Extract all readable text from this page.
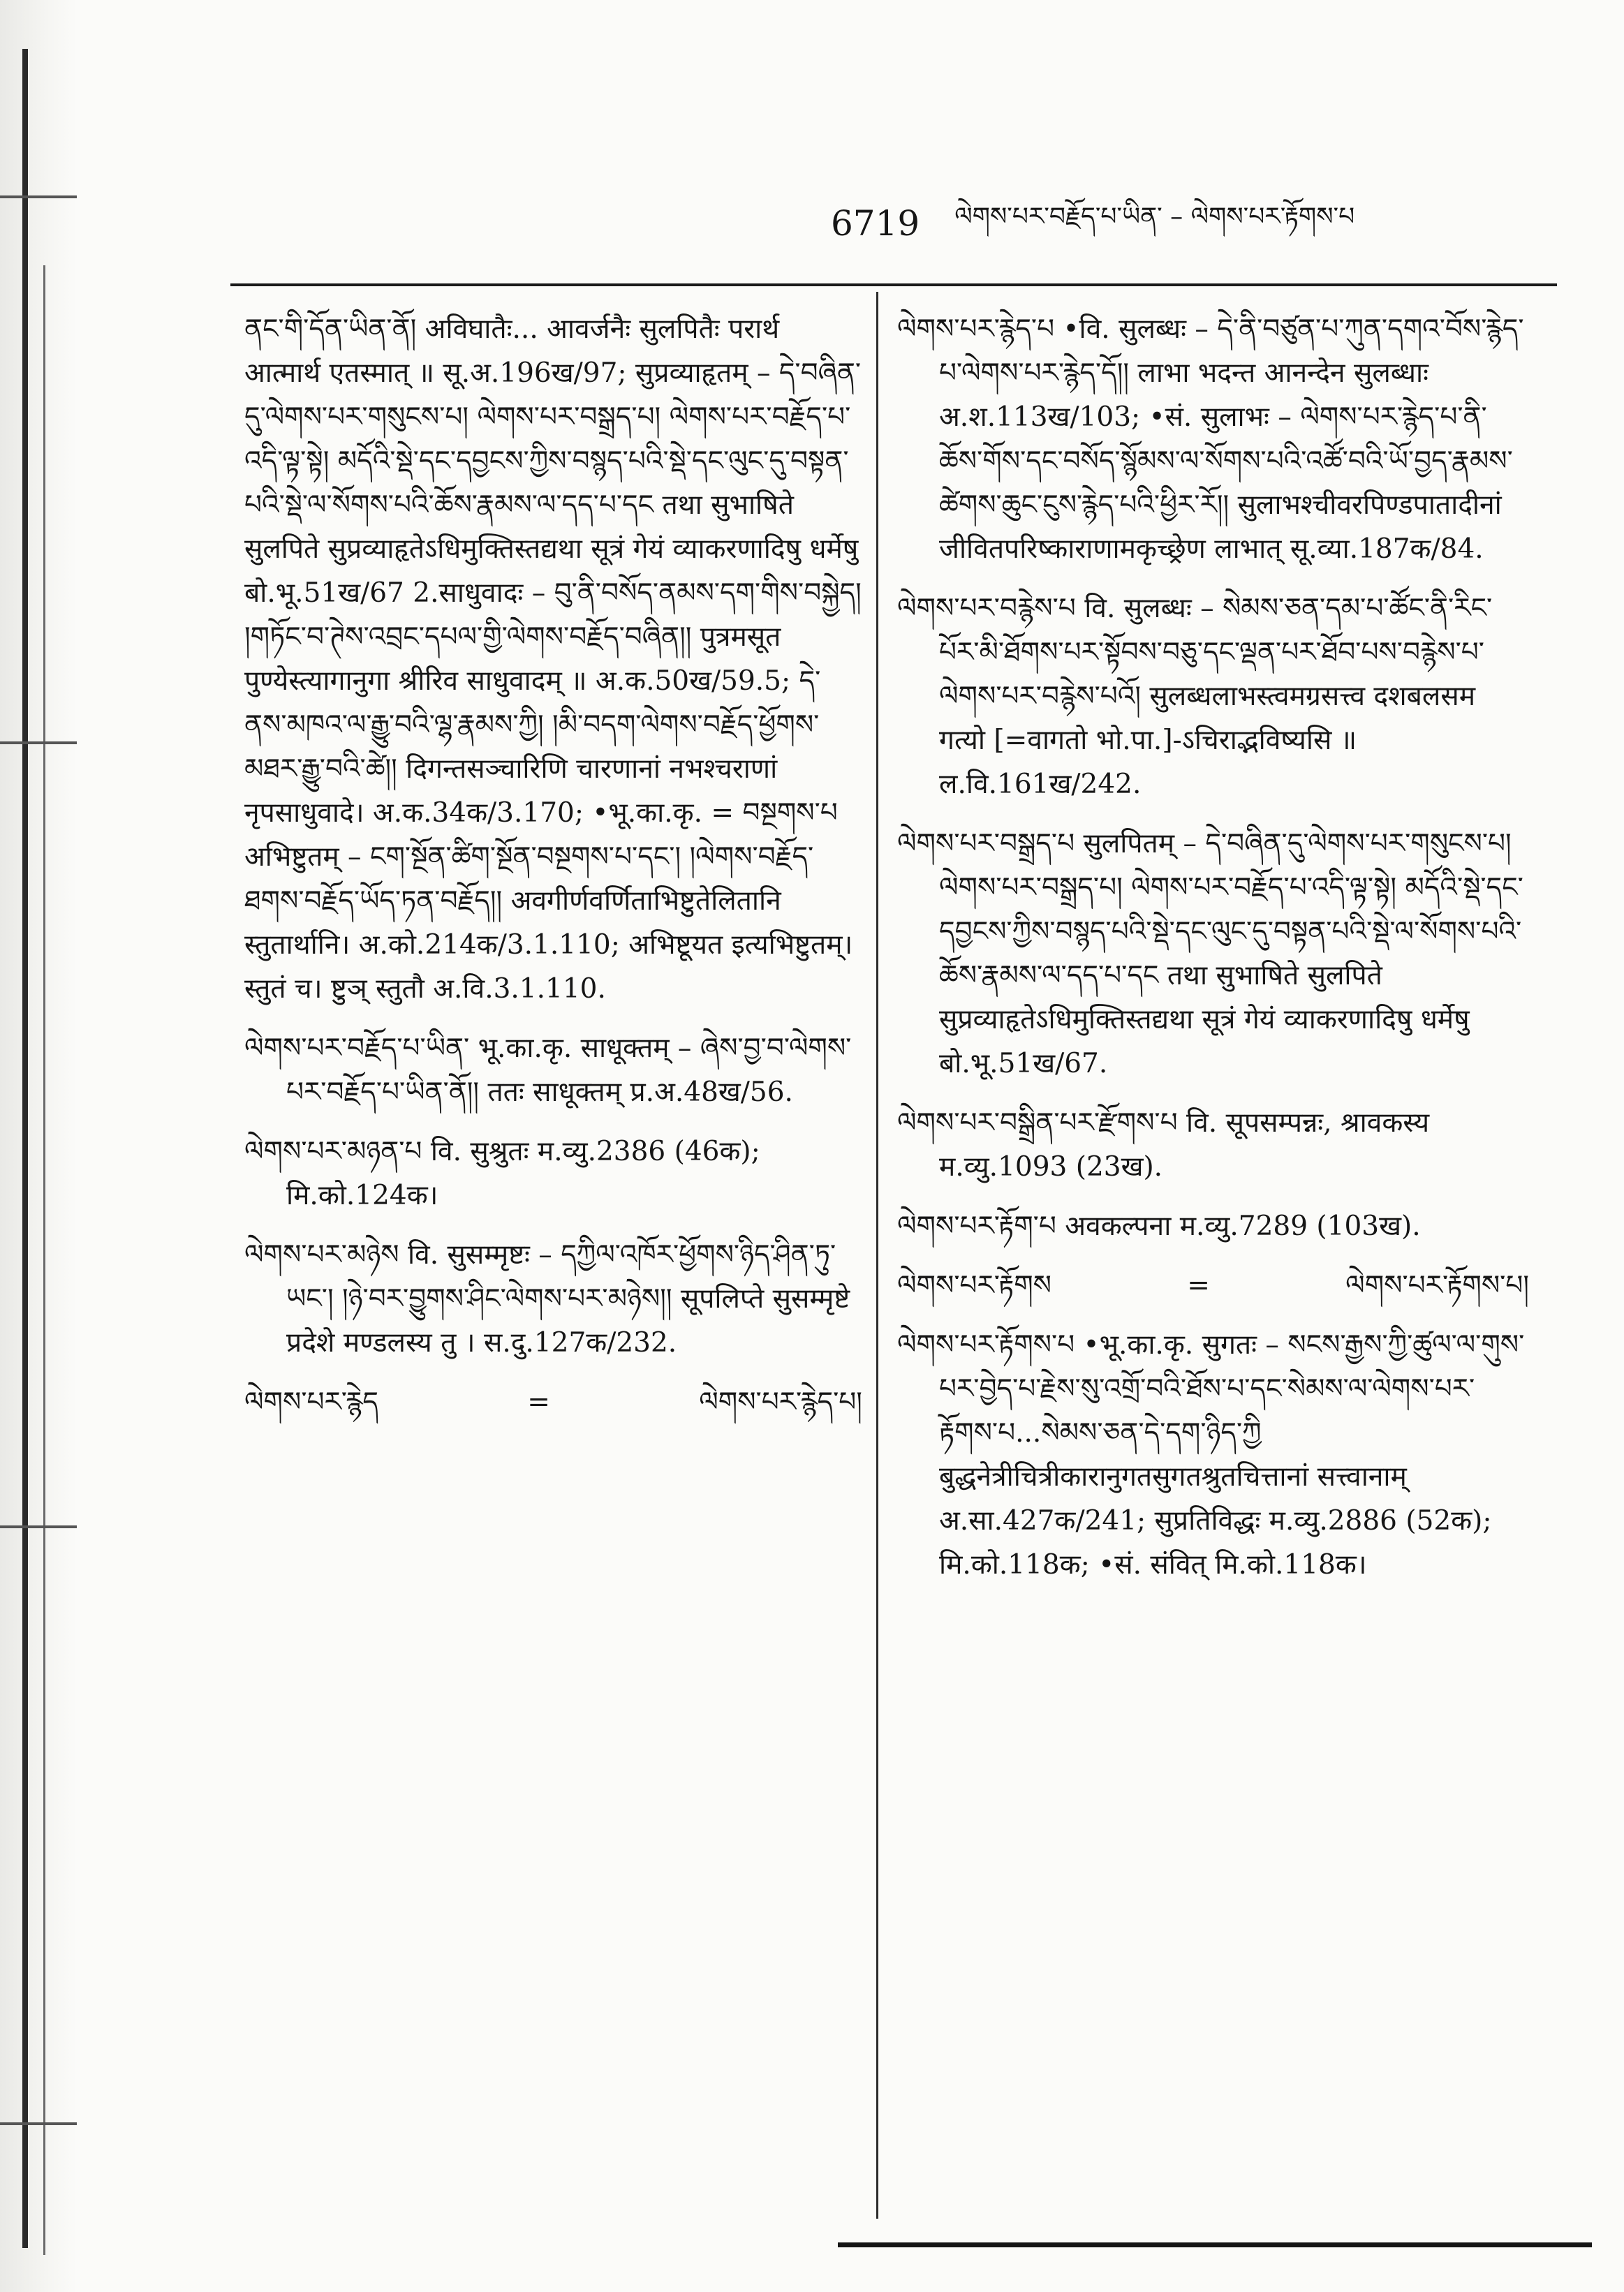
6719 ལེགས་པར་བརྗོད་པ་ཡིན་ – ལེགས་པར་རྟོགས་པ
ནང་གི་དོན་ཡིན་ནོ། अविघातैः... आवर्जनैः सुलपितैः परार्थ आत्मार्थ एतस्मात् ॥ सू.अ.196ख/97; सुप्रव्याहृतम् – དེ་བཞིན་དུ་ལེགས་པར་གསུངས་པ། ལེགས་པར་བསྒྲད་པ། ལེགས་པར་བརྗོད་པ་འདི་ལྟ་སྟེ། མདོའི་སྡེ་དང་དབྱངས་ཀྱིས་བསྙད་པའི་སྡེ་དང་ལུང་དུ་བསྟན་པའི་སྡེ་ལ་སོགས་པའི་ཆོས་རྣམས་ལ་དད་པ་དང तथा सुभाषिते सुलपिते सुप्रव्याहृतेऽधिमुक्तिस्तद्यथा सूत्रं गेयं व्याकरणादिषु धर्मेषु बो.भू.51ख/67 2.साधुवादः – བུ་ནི་བསོད་ནམས་དག་གིས་བསྐྱེད། །གཏོང་བ་ཊེས་འབྲང་དཔལ་གྱི་ལེགས་བརྗོད་བཞིན།། पुत्रमसूत पुण्येस्त्यागानुगा श्रीरिव साधुवादम् ॥ अ.क.50ख/59.5; དེ་ནས་མཁའ་ལ་རྒྱུ་བའི་ལྷ་རྣམས་ཀྱི། །མི་བདག་ལེགས་བརྗོད་ཕྱོགས་མཐར་རྒྱུ་བའི་ཚེ།། दिगन्तसञ्चारिणि चारणानां नभश्चराणां नृपसाधुवादे। अ.क.34क/3.170; •भू.का.कृ. = བསྔགས་པ अभिष्टुतम् – ངག་སྔོན་ཚིག་སྔོན་བསྔགས་པ་དང་། །ལེགས་བརྗོད་ཐགས་བརྗོད་ཡོད་ཏན་བརྗོད།། अवगीर्णवर्णिताभिष्टुतेलितानि स्तुतार्थानि। अ.को.214क/3.1.110; अभिष्टूयत इत्यभिष्टुतम्। स्तुतं च। ष्टुञ् स्तुतौ अ.वि.3.1.110.
ལེགས་པར་བརྗོད་པ་ཡིན་ भू.का.कृ. साधूक्तम् – ཞེས་བྱ་བ་ལེགས་པར་བརྗོད་པ་ཡིན་ནོ།། ततः साधूक्तम् प्र.अ.48ख/56.
ལེགས་པར་མཉན་པ वि. सुश्रुतः म.व्यु.2386 (46क); मि.को.124क।
ལེགས་པར་མཉེས वि. सुसम्मृष्टः – དཀྱིལ་འཁོར་ཕྱོགས་ཉིད་ཤིན་ཏུ་ཡང་། །ཉེ་བར་བྱུགས་ཤིང་ལེགས་པར་མཉེས།། सूपलिप्ते सुसम्मृष्टे प्रदेशे मण्डलस्य तु । स.दु.127क/232.
ལེགས་པར་རྙེད	=	ལེགས་པར་རྙེད་པ།
ལེགས་པར་རྙེད་པ •वि. सुलब्धः – དེ་ནི་བཙུན་པ་ཀུན་དགའ་བོས་རྙེད་པ་ལེགས་པར་རྙེད་དོ།། लाभा भदन्त आनन्देन सुलब्धाः अ.श.113ख/103; •सं. सुलाभः – ལེགས་པར་རྙེད་པ་ནི་ཆོས་གོས་དང་བསོད་སྙོམས་ལ་སོགས་པའི་འཚོ་བའི་ཡོ་བྱད་རྣམས་ཚེགས་ཆུང་ངུས་རྙེད་པའི་ཕྱིར་རོ།། सुलाभश्चीवरपिण्डपातादीनां जीवितपरिष्काराणामकृच्छ्रेण लाभात् सू.व्या.187क/84.
ལེགས་པར་བརྙེས་པ वि. सुलब्धः – སེམས་ཅན་དམ་པ་ཚོང་ནི་རིང་པོར་མི་ཐོགས་པར་སྟོབས་བཅུ་དང་ལྡན་པར་ཐོབ་པས་བརྙེས་པ་ལེགས་པར་བརྙེས་པའོ། सुलब्धलाभस्त्वमग्रसत्त्व दशबलसम गत्यो [=वागतो भो.पा.]-ऽचिराद्भविष्यसि ॥ ल.वि.161ख/242.
ལེགས་པར་བསྒྲད་པ सुलपितम् – དེ་བཞིན་དུ་ལེགས་པར་གསུངས་པ། ལེགས་པར་བསྒྲད་པ། ལེགས་པར་བརྗོད་པ་འདི་ལྟ་སྟེ། མདོའི་སྡེ་དང་དབྱངས་ཀྱིས་བསྙད་པའི་སྡེ་དང་ལུང་དུ་བསྟན་པའི་སྡེ་ལ་སོགས་པའི་ཆོས་རྣམས་ལ་དད་པ་དང तथा सुभाषिते सुलपिते सुप्रव्याहृतेऽधिमुक्तिस्तद्यथा सूत्रं गेयं व्याकरणादिषु धर्मेषु बो.भू.51ख/67.
ལེགས་པར་བསྒྲིན་པར་རྫོགས་པ वि. सूपसम्पन्नः, श्रावकस्य म.व्यु.1093 (23ख).
ལེགས་པར་རྟོག་པ अवकल्पना म.व्यु.7289 (103ख).
ལེགས་པར་རྟོགས	=	ལེགས་པར་རྟོགས་པ།
ལེགས་པར་རྟོགས་པ •भू.का.कृ. सुगतः – སངས་རྒྱས་ཀྱི་ཚུལ་ལ་གུས་པར་བྱེད་པ་རྗེས་སུ་འགྲོ་བའི་ཐོས་པ་དང་སེམས་ལ་ལེགས་པར་རྟོགས་པ...སེམས་ཅན་དེ་དག་ཉིད་ཀྱི बुद्धनेत्रीचित्रीकारानुगतसुगतश्रुतचित्तानां सत्त्वानाम् अ.सा.427क/241; सुप्रतिविद्धः म.व्यु.2886 (52क); मि.को.118क; •सं. संवित् मि.को.118क।
